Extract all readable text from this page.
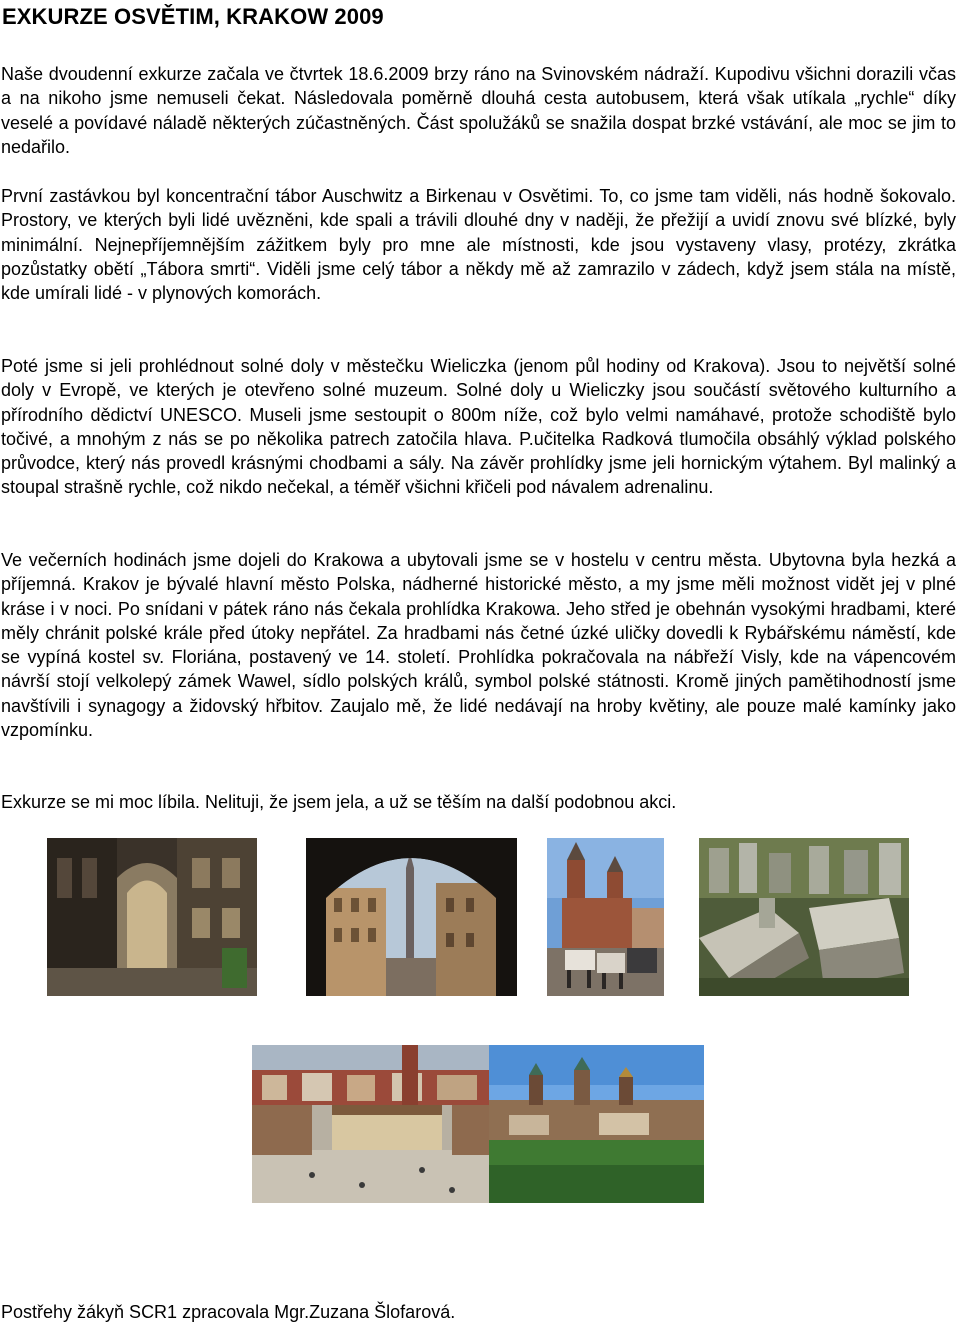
EXKURZE OSVĚTIM, KRAKOW 2009

Naše dvoudenní exkurze začala ve čtvrtek 18.6.2009 brzy ráno na Svinovském nádraží. Kupodivu všichni dorazili včas a na nikoho jsme nemuseli čekat. Následovala poměrně dlouhá cesta autobusem, která však utíkala „rychle“ díky veselé a povídavé náladě některých zúčastněných. Část spolužáků se snažila dospat brzké vstávání, ale moc se jim to nedařilo.

První zastávkou byl koncentrační tábor Auschwitz a Birkenau v Osvětimi. To, co jsme tam viděli, nás hodně šokovalo. Prostory, ve kterých byli lidé uvězněni, kde spali a trávili dlouhé dny v naději, že přežijí a uvidí znovu své blízké, byly minimální. Nejnepříjemnějším zážitkem byly pro mne ale místnosti, kde jsou vystaveny vlasy, protézy, zkrátka pozůstatky obětí „Tábora smrti“. Viděli jsme celý tábor a někdy mě až zamrazilo v zádech, když jsem stála na místě, kde umírali lidé - v plynových komorách.

Poté jsme si jeli prohlédnout solné doly v městečku Wieliczka (jenom půl hodiny od Krakova). Jsou to největší solné doly v Evropě, ve kterých je otevřeno solné muzeum. Solné doly u Wieliczky jsou součástí světového kulturního a přírodního dědictví UNESCO. Museli jsme sestoupit o 800m níže, což bylo velmi namáhavé, protože schodiště bylo točivé, a mnohým z nás se po několika patrech zatočila hlava. P.učitelka Radková tlumočila obsáhlý výklad polského průvodce, který nás provedl krásnými chodbami a sály. Na závěr prohlídky jsme jeli hornickým výtahem. Byl malinký a stoupal strašně rychle, což nikdo nečekal, a téměř všichni křičeli pod návalem adrenalinu.

Ve večerních hodinách jsme dojeli do Krakowa a ubytovali jsme se v hostelu v centru města. Ubytovna byla hezká a příjemná. Krakov je bývalé hlavní město Polska, nádherné historické město, a my jsme měli možnost vidět jej v plné kráse i v noci. Po snídani v pátek ráno nás čekala prohlídka Krakowa. Jeho střed je obehnán vysokými hradbami, které měly chránit polské krále před útoky nepřátel. Za hradbami nás četné úzké uličky dovedli k Rybářskému náměstí, kde se vypíná kostel sv. Floriána, postavený ve 14. století. Prohlídka pokračovala na nábřeží Visly, kde na vápencovém návrší stojí velkolepý zámek Wawel, sídlo polských králů, symbol polské státnosti. Kromě jiných pamětihodností jsme navštívili i synagogy a židovský hřbitov. Zaujalo mě, že lidé nedávají na hroby květiny, ale pouze malé kamínky jako vzpomínku.

Exkurze se mi moc líbila. Nelituji, že jsem jela, a už se těším na další podobnou akci.

Postřehy žákyň SCR1 zpracovala Mgr.Zuzana Šlofarová.
